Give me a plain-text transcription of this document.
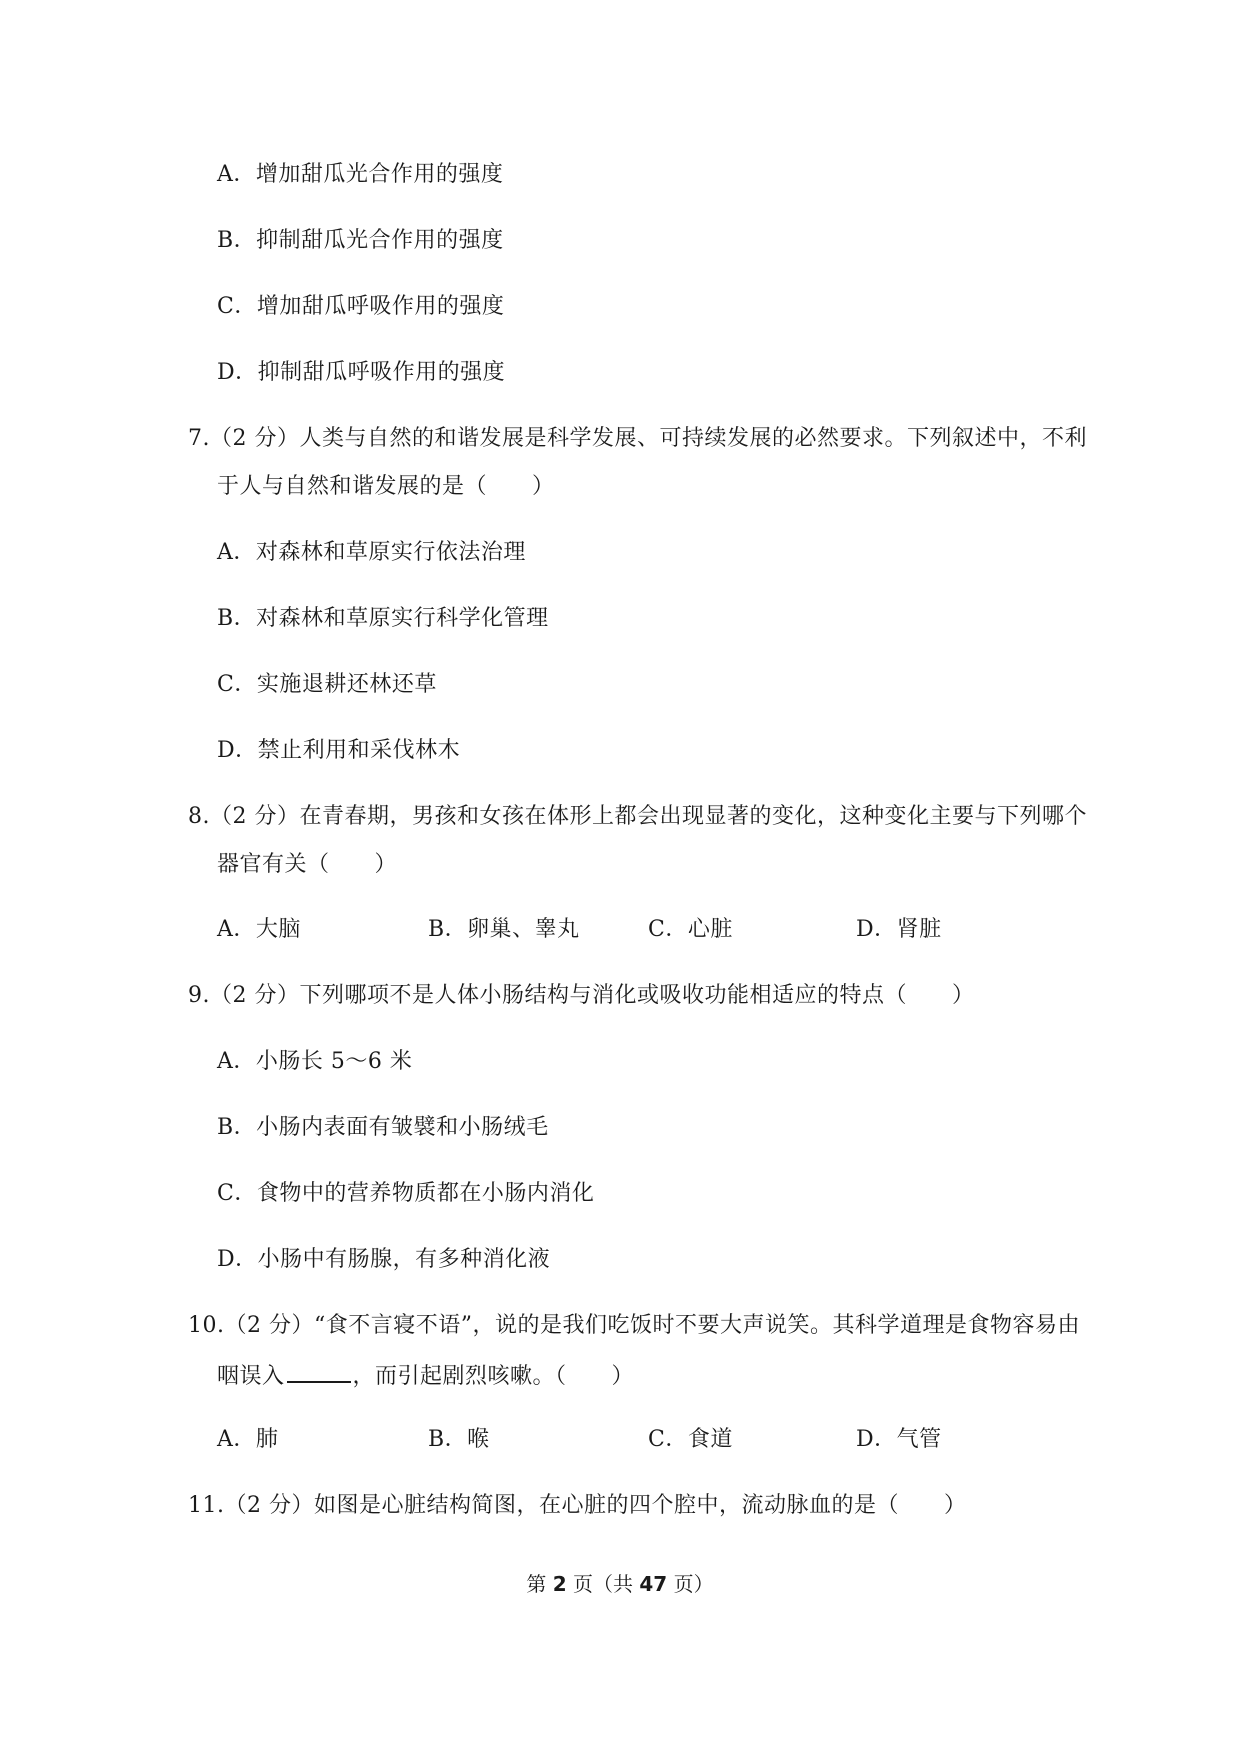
A．增加甜瓜光合作用的强度
B．抑制甜瓜光合作用的强度
C．增加甜瓜呼吸作用的强度
D．抑制甜瓜呼吸作用的强度
7.（2 分）人类与自然的和谐发展是科学发展、可持续发展的必然要求。下列叙述中，不利
于人与自然和谐发展的是（　　）
A．对森林和草原实行依法治理
B．对森林和草原实行科学化管理
C．实施退耕还林还草
D．禁止利用和采伐林木
8.（2 分）在青春期，男孩和女孩在体形上都会出现显著的变化，这种变化主要与下列哪个
器官有关（　　）
A．大脑	B．卵巢、睾丸	C．心脏	D．肾脏
9.（2 分）下列哪项不是人体小肠结构与消化或吸收功能相适应的特点（　　）
A．小肠长 5～6 米
B．小肠内表面有皱襞和小肠绒毛
C．食物中的营养物质都在小肠内消化
D．小肠中有肠腺，有多种消化液
10.（2 分）“食不言寝不语”，说的是我们吃饭时不要大声说笑。其科学道理是食物容易由
咽误入	，而引起剧烈咳嗽。（　　）
A．肺	B．喉	C．食道	D．气管
11.（2 分）如图是心脏结构简图，在心脏的四个腔中，流动脉血的是（　　）
第 2 页（共 47 页）
